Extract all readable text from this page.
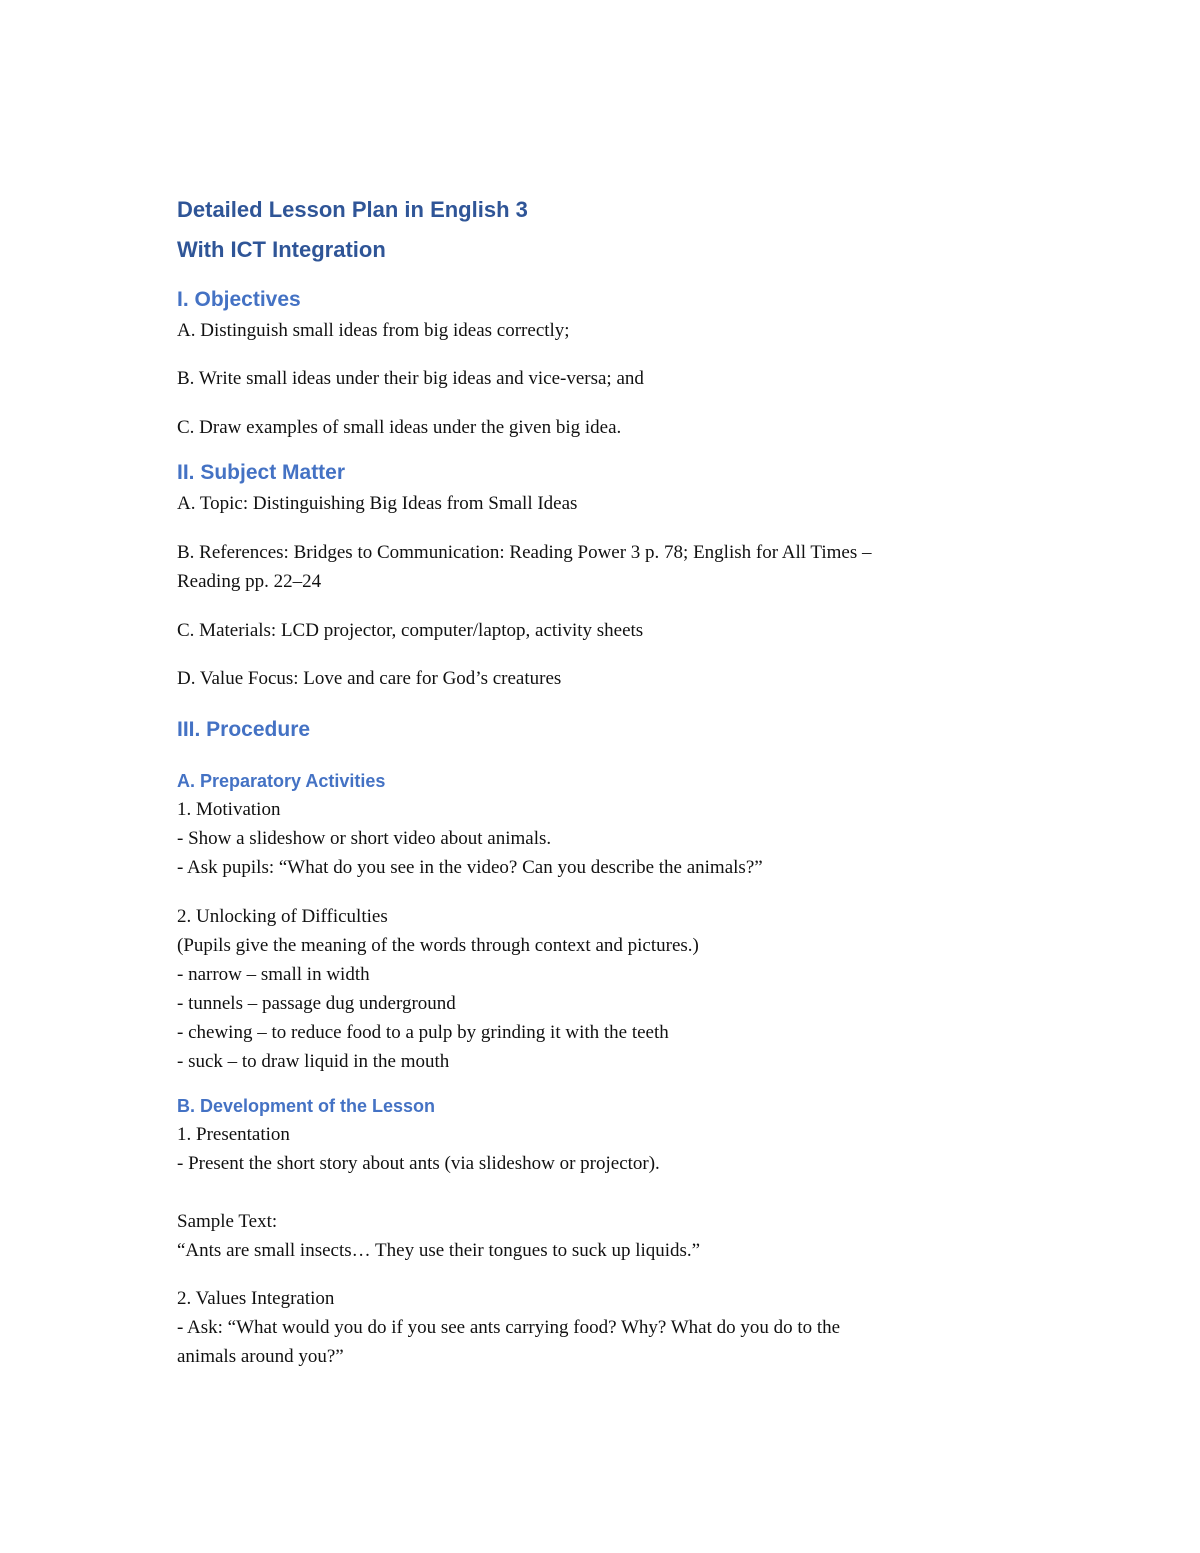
Detailed Lesson Plan in English 3
With ICT Integration
I. Objectives
A. Distinguish small ideas from big ideas correctly;
B. Write small ideas under their big ideas and vice-versa; and
C. Draw examples of small ideas under the given big idea.
II. Subject Matter
A. Topic: Distinguishing Big Ideas from Small Ideas
B. References: Bridges to Communication: Reading Power 3 p. 78; English for All Times –
Reading pp. 22–24
C. Materials: LCD projector, computer/laptop, activity sheets
D. Value Focus: Love and care for God’s creatures
III. Procedure
A. Preparatory Activities
1. Motivation
- Show a slideshow or short video about animals.
- Ask pupils: “What do you see in the video? Can you describe the animals?”
2. Unlocking of Difficulties
(Pupils give the meaning of the words through context and pictures.)
- narrow – small in width
- tunnels – passage dug underground
- chewing – to reduce food to a pulp by grinding it with the teeth
- suck – to draw liquid in the mouth
B. Development of the Lesson
1. Presentation
- Present the short story about ants (via slideshow or projector).
Sample Text:
“Ants are small insects… They use their tongues to suck up liquids.”
2. Values Integration
- Ask: “What would you do if you see ants carrying food? Why? What do you do to the
animals around you?”
